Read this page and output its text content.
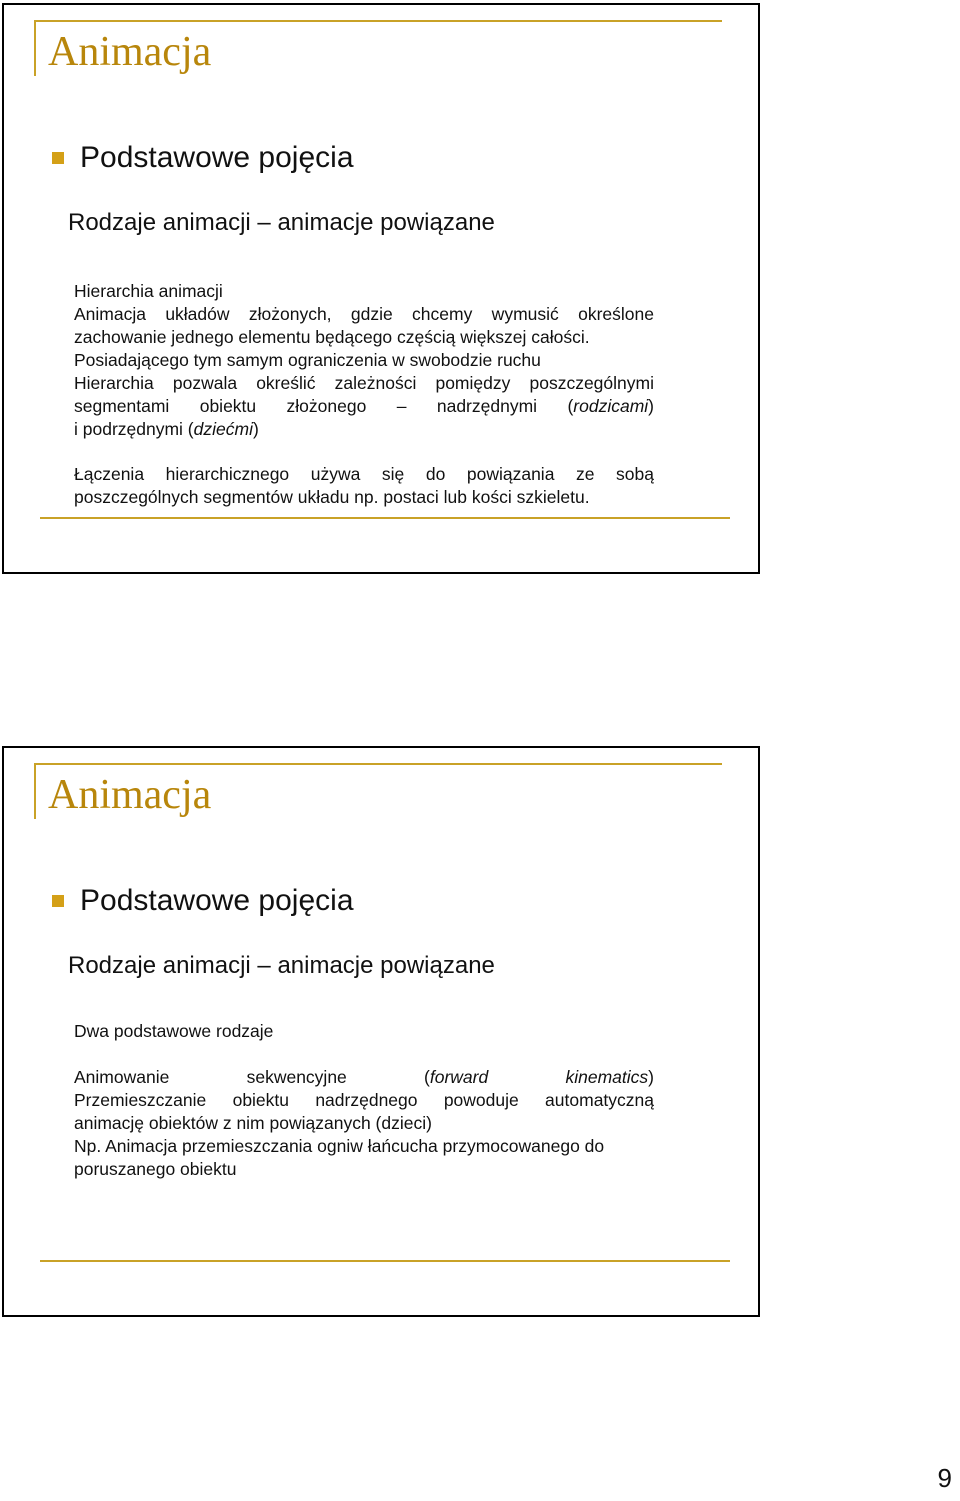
Animacja
Podstawowe pojęcia
Rodzaje animacji – animacje powiązane
Hierarchia animacji
Animacja układów złożonych, gdzie chcemy wymusić określone
zachowanie jednego elementu będącego częścią większej całości.
Posiadającego tym samym ograniczenia w swobodzie ruchu
Hierarchia pozwala określić zależności pomiędzy poszczególnymi
segmentami obiektu złożonego – nadrzędnymi (rodzicami)
i podrzędnymi (dziećmi)
Łączenia hierarchicznego używa się do powiązania ze sobą
poszczególnych segmentów układu np. postaci lub kości szkieletu.
Animacja
Podstawowe pojęcia
Rodzaje animacji – animacje powiązane
Dwa podstawowe rodzaje
Animowanie sekwencyjne (forward kinematics)
Przemieszczanie obiektu nadrzędnego powoduje automatyczną
animację obiektów z nim powiązanych (dzieci)
Np. Animacja przemieszczania ogniw łańcucha przymocowanego do
poruszanego obiektu
9
